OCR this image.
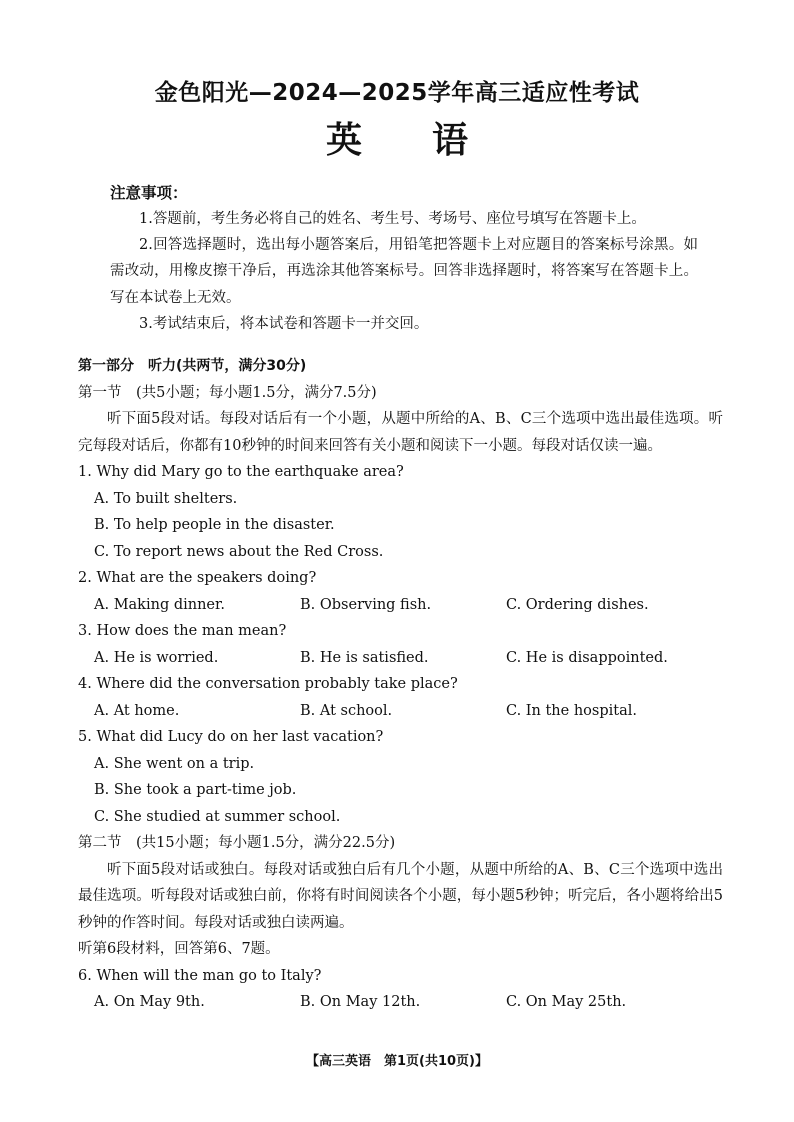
金色阳光—2024—2025学年高三适应性考试
英语
注意事项：

1.答题前，考生务必将自己的姓名、考生号、考场号、座位号填写在答题卡上。

2.回答选择题时，选出每小题答案后，用铅笔把答题卡上对应题目的答案标号涂黑。如需改动，用橡皮擦干净后，再选涂其他答案标号。回答非选择题时，将答案写在答题卡上。写在本试卷上无效。

3.考试结束后，将本试卷和答题卡一并交回。

第一部分　听力(共两节，满分30分)

第一节　(共5小题；每小题1.5分，满分7.5分)

听下面5段对话。每段对话后有一个小题，从题中所给的A、B、C三个选项中选出最佳选项。听完每段对话后，你都有10秒钟的时间来回答有关小题和阅读下一小题。每段对话仅读一遍。

1. Why did Mary go to the earthquake area?

A. To built shelters.

B. To help people in the disaster.

C. To report news about the Red Cross.

2. What are the speakers doing?

A. Making dinner.	B. Observing fish.	C. Ordering dishes.

3. How does the man mean?

A. He is worried.	B. He is satisfied.	C. He is disappointed.

4. Where did the conversation probably take place?

A. At home.	B. At school.	C. In the hospital.

5. What did Lucy do on her last vacation?

A. She went on a trip.

B. She took a part-time job.

C. She studied at summer school.

第二节　(共15小题；每小题1.5分，满分22.5分)

听下面5段对话或独白。每段对话或独白后有几个小题，从题中所给的A、B、C三个选项中选出最佳选项。听每段对话或独白前，你将有时间阅读各个小题，每小题5秒钟；听完后，各小题将给出5秒钟的作答时间。每段对话或独白读两遍。

听第6段材料，回答第6、7题。

6. When will the man go to Italy?

A. On May 9th.	B. On May 12th.	C. On May 25th.
【高三英语　第1页(共10页)】
